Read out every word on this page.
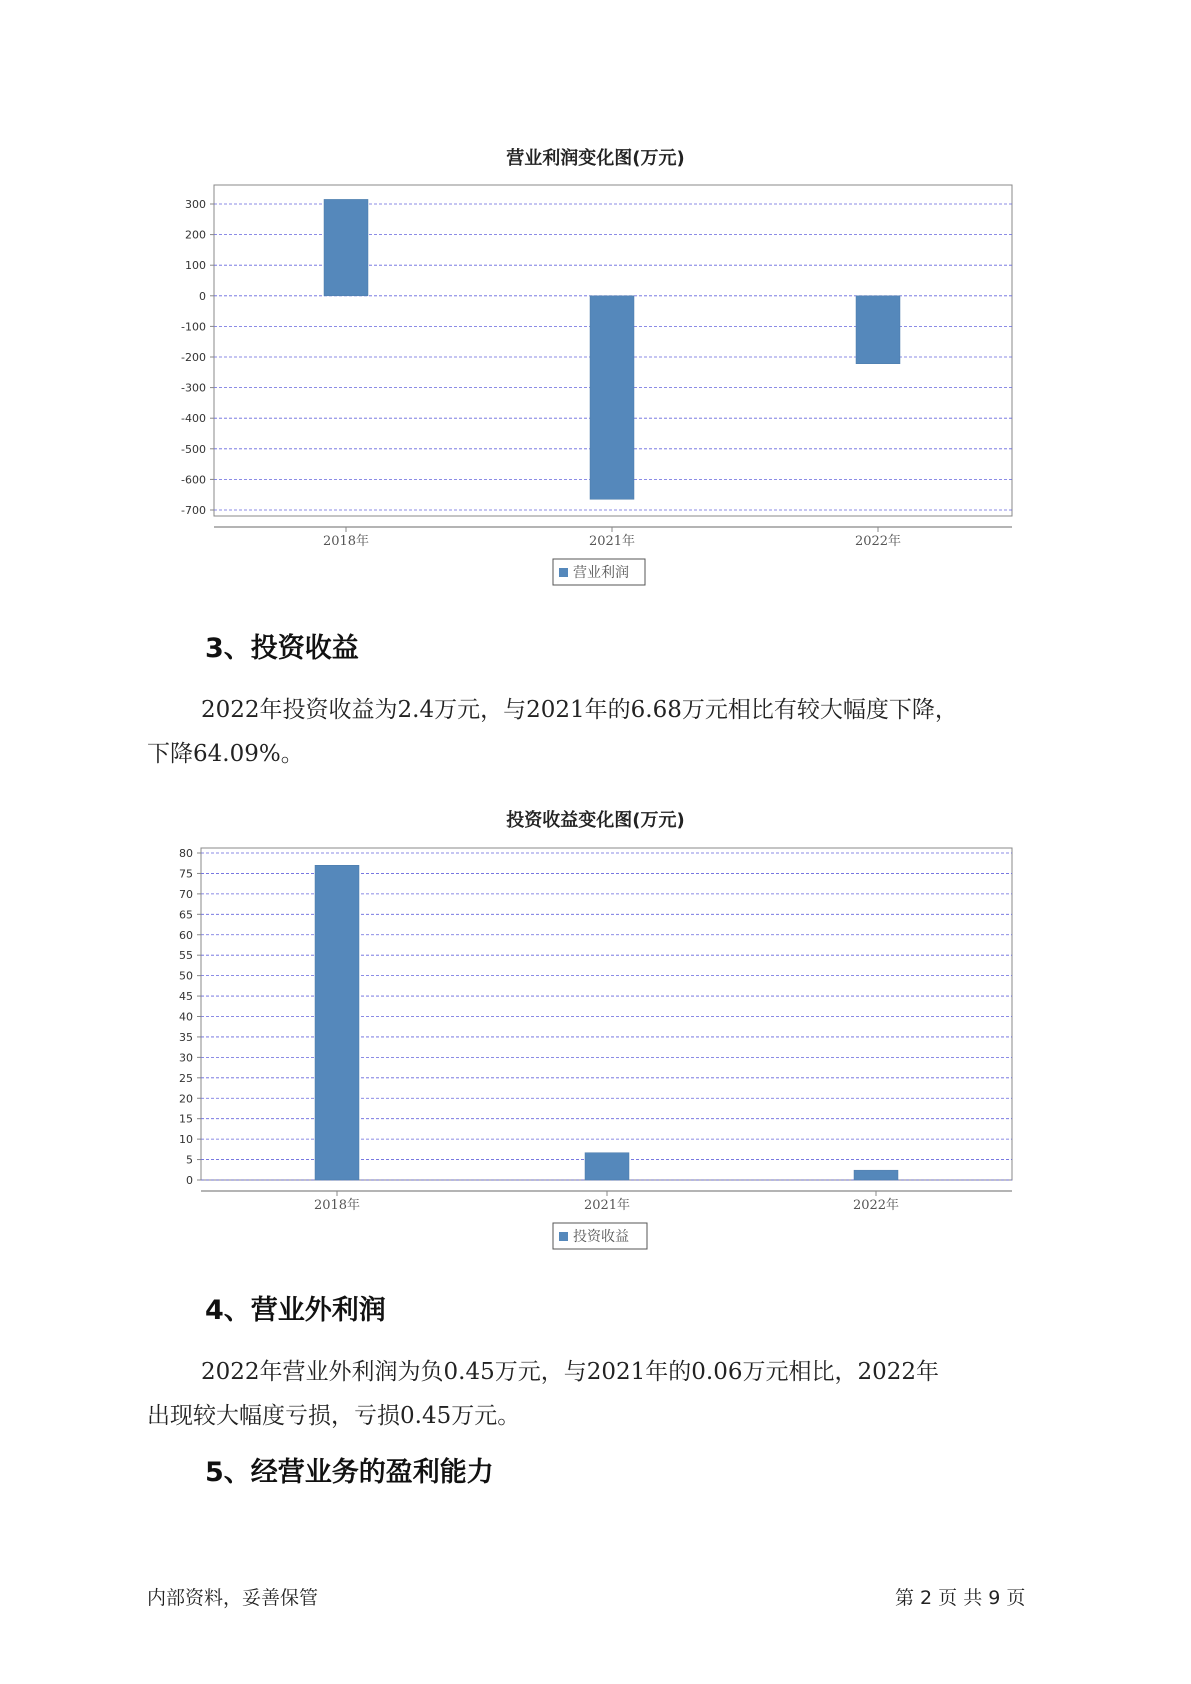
营业利润变化图(万元)
300
200
100
0
-100
-200
-300
-400
-500
-600
-700
2018年	2021年	2022年
营业利润
3、投资收益

2022年投资收益为2.4万元，与2021年的6.68万元相比有较大幅度下降，

下降64.09%。

投资收益变化图(万元)
80
75
70
65
60
55
50
45
40
35
30
25
20
15
10
5
0
2018年	2021年	2022年
投资收益
4、营业外利润

2022年营业外利润为负0.45万元，与2021年的0.06万元相比，2022年

出现较大幅度亏损，亏损0.45万元。

5、经营业务的盈利能力
内部资料，妥善保管	第 2 页 共 9 页
